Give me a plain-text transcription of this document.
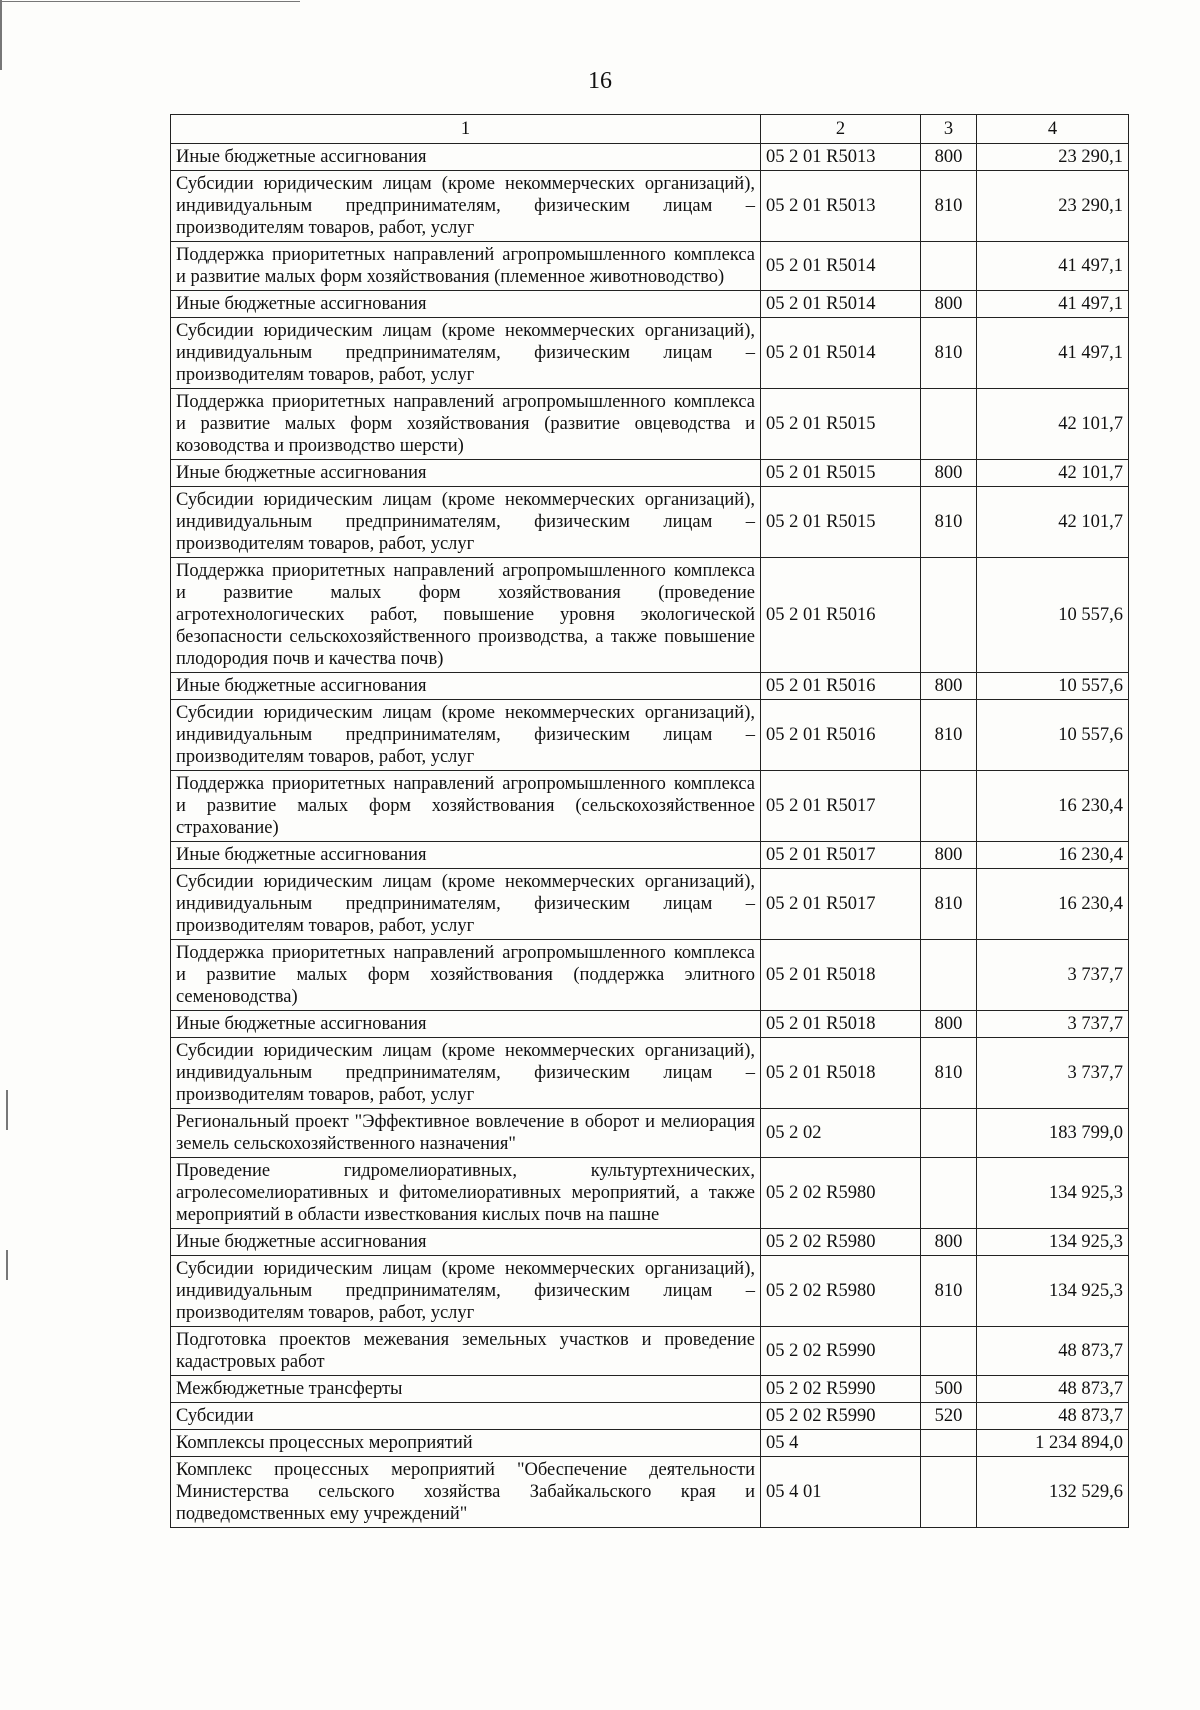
16
1	2	3	4
Иные бюджетные ассигнования	05 2 01 R5013	800	23 290,1
Субсидии юридическим лицам (кроме некоммерческих организаций), индивидуальным предпринимателям, физическим лицам – производителям товаров, работ, услуг	05 2 01 R5013	810	23 290,1
Поддержка приоритетных направлений агропромышленного комплекса и развитие малых форм хозяйствования (племенное животноводство)	05 2 01 R5014		41 497,1
Иные бюджетные ассигнования	05 2 01 R5014	800	41 497,1
Субсидии юридическим лицам (кроме некоммерческих организаций), индивидуальным предпринимателям, физическим лицам – производителям товаров, работ, услуг	05 2 01 R5014	810	41 497,1
Поддержка приоритетных направлений агропромышленного комплекса и развитие малых форм хозяйствования (развитие овцеводства и козоводства и производство шерсти)	05 2 01 R5015		42 101,7
Иные бюджетные ассигнования	05 2 01 R5015	800	42 101,7
Субсидии юридическим лицам (кроме некоммерческих организаций), индивидуальным предпринимателям, физическим лицам – производителям товаров, работ, услуг	05 2 01 R5015	810	42 101,7
Поддержка приоритетных направлений агропромышленного комплекса и развитие малых форм хозяйствования (проведение агротехнологических работ, повышение уровня экологической безопасности сельскохозяйственного производства, а также повышение плодородия почв и качества почв)	05 2 01 R5016		10 557,6
Иные бюджетные ассигнования	05 2 01 R5016	800	10 557,6
Субсидии юридическим лицам (кроме некоммерческих организаций), индивидуальным предпринимателям, физическим лицам – производителям товаров, работ, услуг	05 2 01 R5016	810	10 557,6
Поддержка приоритетных направлений агропромышленного комплекса и развитие малых форм хозяйствования (сельскохозяйственное страхование)	05 2 01 R5017		16 230,4
Иные бюджетные ассигнования	05 2 01 R5017	800	16 230,4
Субсидии юридическим лицам (кроме некоммерческих организаций), индивидуальным предпринимателям, физическим лицам – производителям товаров, работ, услуг	05 2 01 R5017	810	16 230,4
Поддержка приоритетных направлений агропромышленного комплекса и развитие малых форм хозяйствования (поддержка элитного семеноводства)	05 2 01 R5018		3 737,7
Иные бюджетные ассигнования	05 2 01 R5018	800	3 737,7
Субсидии юридическим лицам (кроме некоммерческих организаций), индивидуальным предпринимателям, физическим лицам – производителям товаров, работ, услуг	05 2 01 R5018	810	3 737,7
Региональный проект "Эффективное вовлечение в оборот и мелиорация земель сельскохозяйственного назначения"	05 2 02		183 799,0
Проведение гидромелиоративных, культуртехнических, агролесомелиоративных и фитомелиоративных мероприятий, а также мероприятий в области известкования кислых почв на пашне	05 2 02 R5980		134 925,3
Иные бюджетные ассигнования	05 2 02 R5980	800	134 925,3
Субсидии юридическим лицам (кроме некоммерческих организаций), индивидуальным предпринимателям, физическим лицам – производителям товаров, работ, услуг	05 2 02 R5980	810	134 925,3
Подготовка проектов межевания земельных участков и проведение кадастровых работ	05 2 02 R5990		48 873,7
Межбюджетные трансферты	05 2 02 R5990	500	48 873,7
Субсидии	05 2 02 R5990	520	48 873,7
Комплексы процессных мероприятий	05 4		1 234 894,0
Комплекс процессных мероприятий "Обеспечение деятельности Министерства сельского хозяйства Забайкальского края и подведомственных ему учреждений"	05 4 01		132 529,6
